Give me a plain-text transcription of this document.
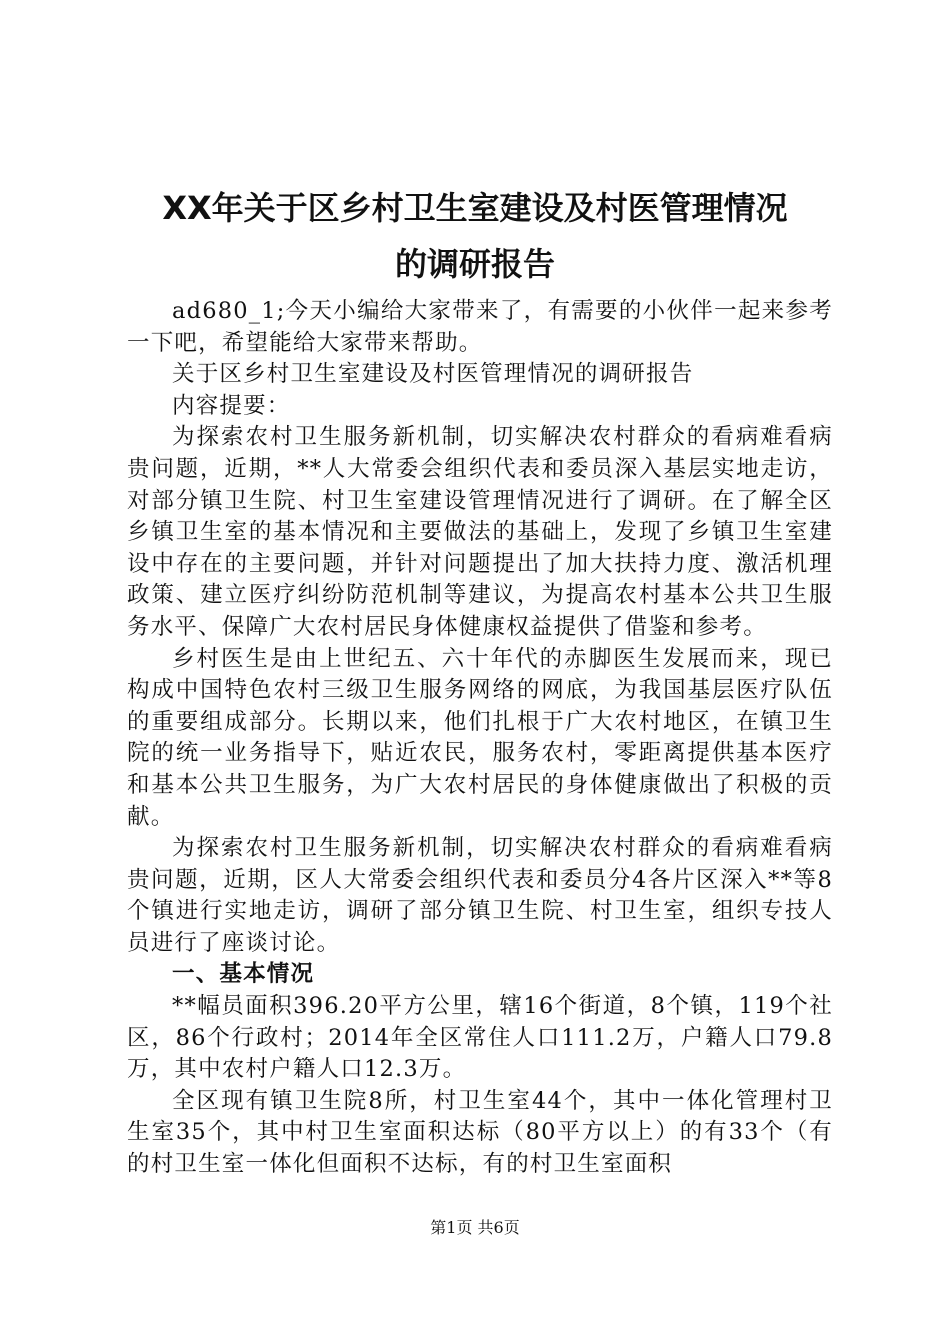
XX年关于区乡村卫生室建设及村医管理情况
的调研报告

ad680_1;今天小编给大家带来了，有需要的小伙伴一起来参考一下吧，希望能给大家带来帮助。

关于区乡村卫生室建设及村医管理情况的调研报告

内容提要：

为探索农村卫生服务新机制，切实解决农村群众的看病难看病贵问题，近期，**人大常委会组织代表和委员深入基层实地走访，对部分镇卫生院、村卫生室建设管理情况进行了调研。在了解全区乡镇卫生室的基本情况和主要做法的基础上，发现了乡镇卫生室建设中存在的主要问题，并针对问题提出了加大扶持力度、激活机理政策、建立医疗纠纷防范机制等建议，为提高农村基本公共卫生服务水平、保障广大农村居民身体健康权益提供了借鉴和参考。

乡村医生是由上世纪五、六十年代的赤脚医生发展而来，现已构成中国特色农村三级卫生服务网络的网底，为我国基层医疗队伍的重要组成部分。长期以来，他们扎根于广大农村地区，在镇卫生院的统一业务指导下，贴近农民，服务农村，零距离提供基本医疗和基本公共卫生服务，为广大农村居民的身体健康做出了积极的贡献。

为探索农村卫生服务新机制，切实解决农村群众的看病难看病贵问题，近期，区人大常委会组织代表和委员分4各片区深入**等8个镇进行实地走访，调研了部分镇卫生院、村卫生室，组织专技人员进行了座谈讨论。

一、基本情况

**幅员面积396.20平方公里，辖16个街道，8个镇，119个社区，86个行政村；2014年全区常住人口111.2万，户籍人口79.8万，其中农村户籍人口12.3万。

全区现有镇卫生院8所，村卫生室44个，其中一体化管理村卫生室35个，其中村卫生室面积达标（80平方以上）的有33个（有的村卫生室一体化但面积不达标，有的村卫生室面积

第1页 共6页
